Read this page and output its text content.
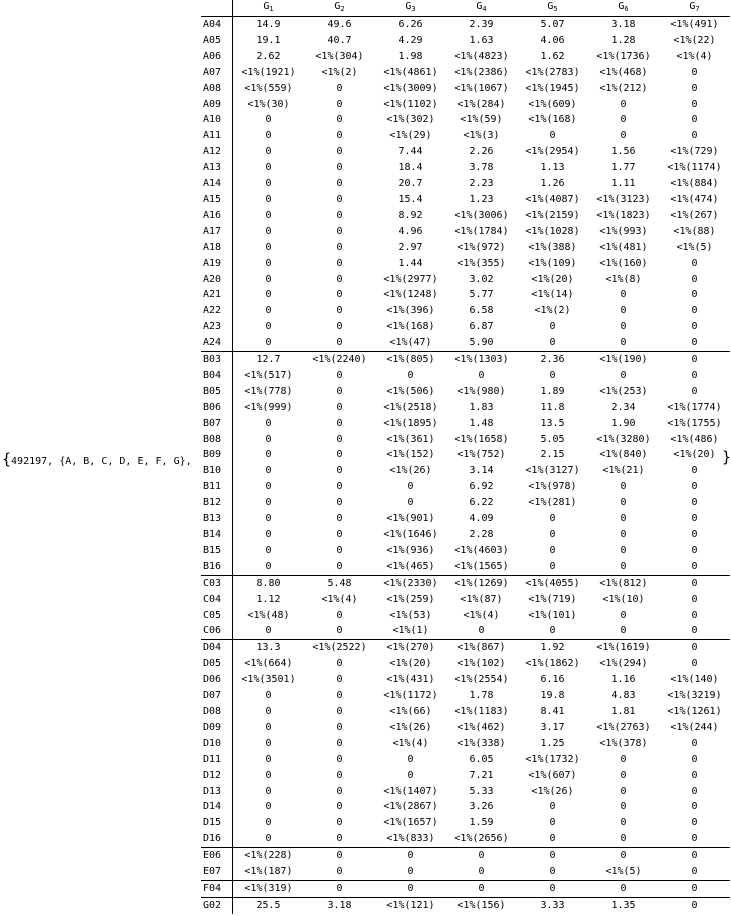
{492197, {A, B, C, D, E, F, G},
	$G_1$	$G_2$	$G_3$	$G_4$	$G_5$	$G_6$	$G_7$
A04	14.9	49.6	6.26	2.39	5.07	3.18	<1%(491)
A05	19.1	40.7	4.29	1.63	4.06	1.28	<1%(22)
A06	2.62	<1%(304)	1.98	<1%(4823)	1.62	<1%(1736)	<1%(4)
A07	<1%(1921)	<1%(2)	<1%(4861)	<1%(2386)	<1%(2783)	<1%(468)	0
A08	<1%(559)	0	<1%(3009)	<1%(1067)	<1%(1945)	<1%(212)	0
A09	<1%(30)	0	<1%(1102)	<1%(284)	<1%(609)	0	0
A10	0	0	<1%(302)	<1%(59)	<1%(168)	0	0
A11	0	0	<1%(29)	<1%(3)	0	0	0
A12	0	0	7.44	2.26	<1%(2954)	1.56	<1%(729)
A13	0	0	18.4	3.78	1.13	1.77	<1%(1174)
A14	0	0	20.7	2.23	1.26	1.11	<1%(884)
A15	0	0	15.4	1.23	<1%(4087)	<1%(3123)	<1%(474)
A16	0	0	8.92	<1%(3006)	<1%(2159)	<1%(1823)	<1%(267)
A17	0	0	4.96	<1%(1784)	<1%(1028)	<1%(993)	<1%(88)
A18	0	0	2.97	<1%(972)	<1%(388)	<1%(481)	<1%(5)
A19	0	0	1.44	<1%(355)	<1%(109)	<1%(160)	0
A20	0	0	<1%(2977)	3.02	<1%(20)	<1%(8)	0
A21	0	0	<1%(1248)	5.77	<1%(14)	0	0
A22	0	0	<1%(396)	6.58	<1%(2)	0	0
A23	0	0	<1%(168)	6.87	0	0	0
A24	0	0	<1%(47)	5.90	0	0	0
B03	12.7	<1%(2240)	<1%(805)	<1%(1303)	2.36	<1%(190)	0
B04	<1%(517)	0	0	0	0	0	0
B05	<1%(778)	0	<1%(506)	<1%(980)	1.89	<1%(253)	0
B06	<1%(999)	0	<1%(2518)	1.83	11.8	2.34	<1%(1774)
B07	0	0	<1%(1895)	1.48	13.5	1.90	<1%(1755)
B08	0	0	<1%(361)	<1%(1658)	5.05	<1%(3280)	<1%(486)
B09	0	0	<1%(152)	<1%(752)	2.15	<1%(840)	<1%(20)
B10	0	0	<1%(26)	3.14	<1%(3127)	<1%(21)	0
B11	0	0	0	6.92	<1%(978)	0	0
B12	0	0	0	6.22	<1%(281)	0	0
B13	0	0	<1%(901)	4.09	0	0	0
B14	0	0	<1%(1646)	2.28	0	0	0
B15	0	0	<1%(936)	<1%(4603)	0	0	0
B16	0	0	<1%(465)	<1%(1565)	0	0	0
C03	8.80	5.48	<1%(2330)	<1%(1269)	<1%(4055)	<1%(812)	0
C04	1.12	<1%(4)	<1%(259)	<1%(87)	<1%(719)	<1%(10)	0
C05	<1%(48)	0	<1%(53)	<1%(4)	<1%(101)	0	0
C06	0	0	<1%(1)	0	0	0	0
D04	13.3	<1%(2522)	<1%(270)	<1%(867)	1.92	<1%(1619)	0
D05	<1%(664)	0	<1%(20)	<1%(102)	<1%(1862)	<1%(294)	0
D06	<1%(3501)	0	<1%(431)	<1%(2554)	6.16	1.16	<1%(140)
D07	0	0	<1%(1172)	1.78	19.8	4.83	<1%(3219)
D08	0	0	<1%(66)	<1%(1183)	8.41	1.81	<1%(1261)
D09	0	0	<1%(26)	<1%(462)	3.17	<1%(2763)	<1%(244)
D10	0	0	<1%(4)	<1%(338)	1.25	<1%(378)	0
D11	0	0	0	6.05	<1%(1732)	0	0
D12	0	0	0	7.21	<1%(607)	0	0
D13	0	0	<1%(1407)	5.33	<1%(26)	0	0
D14	0	0	<1%(2867)	3.26	0	0	0
D15	0	0	<1%(1657)	1.59	0	0	0
D16	0	0	<1%(833)	<1%(2656)	0	0	0
E06	<1%(228)	0	0	0	0	0	0
E07	<1%(187)	0	0	0	0	<1%(5)	0
F04	<1%(319)	0	0	0	0	0	0
G02	25.5	3.18	<1%(121)	<1%(156)	3.33	1.35	0
}
